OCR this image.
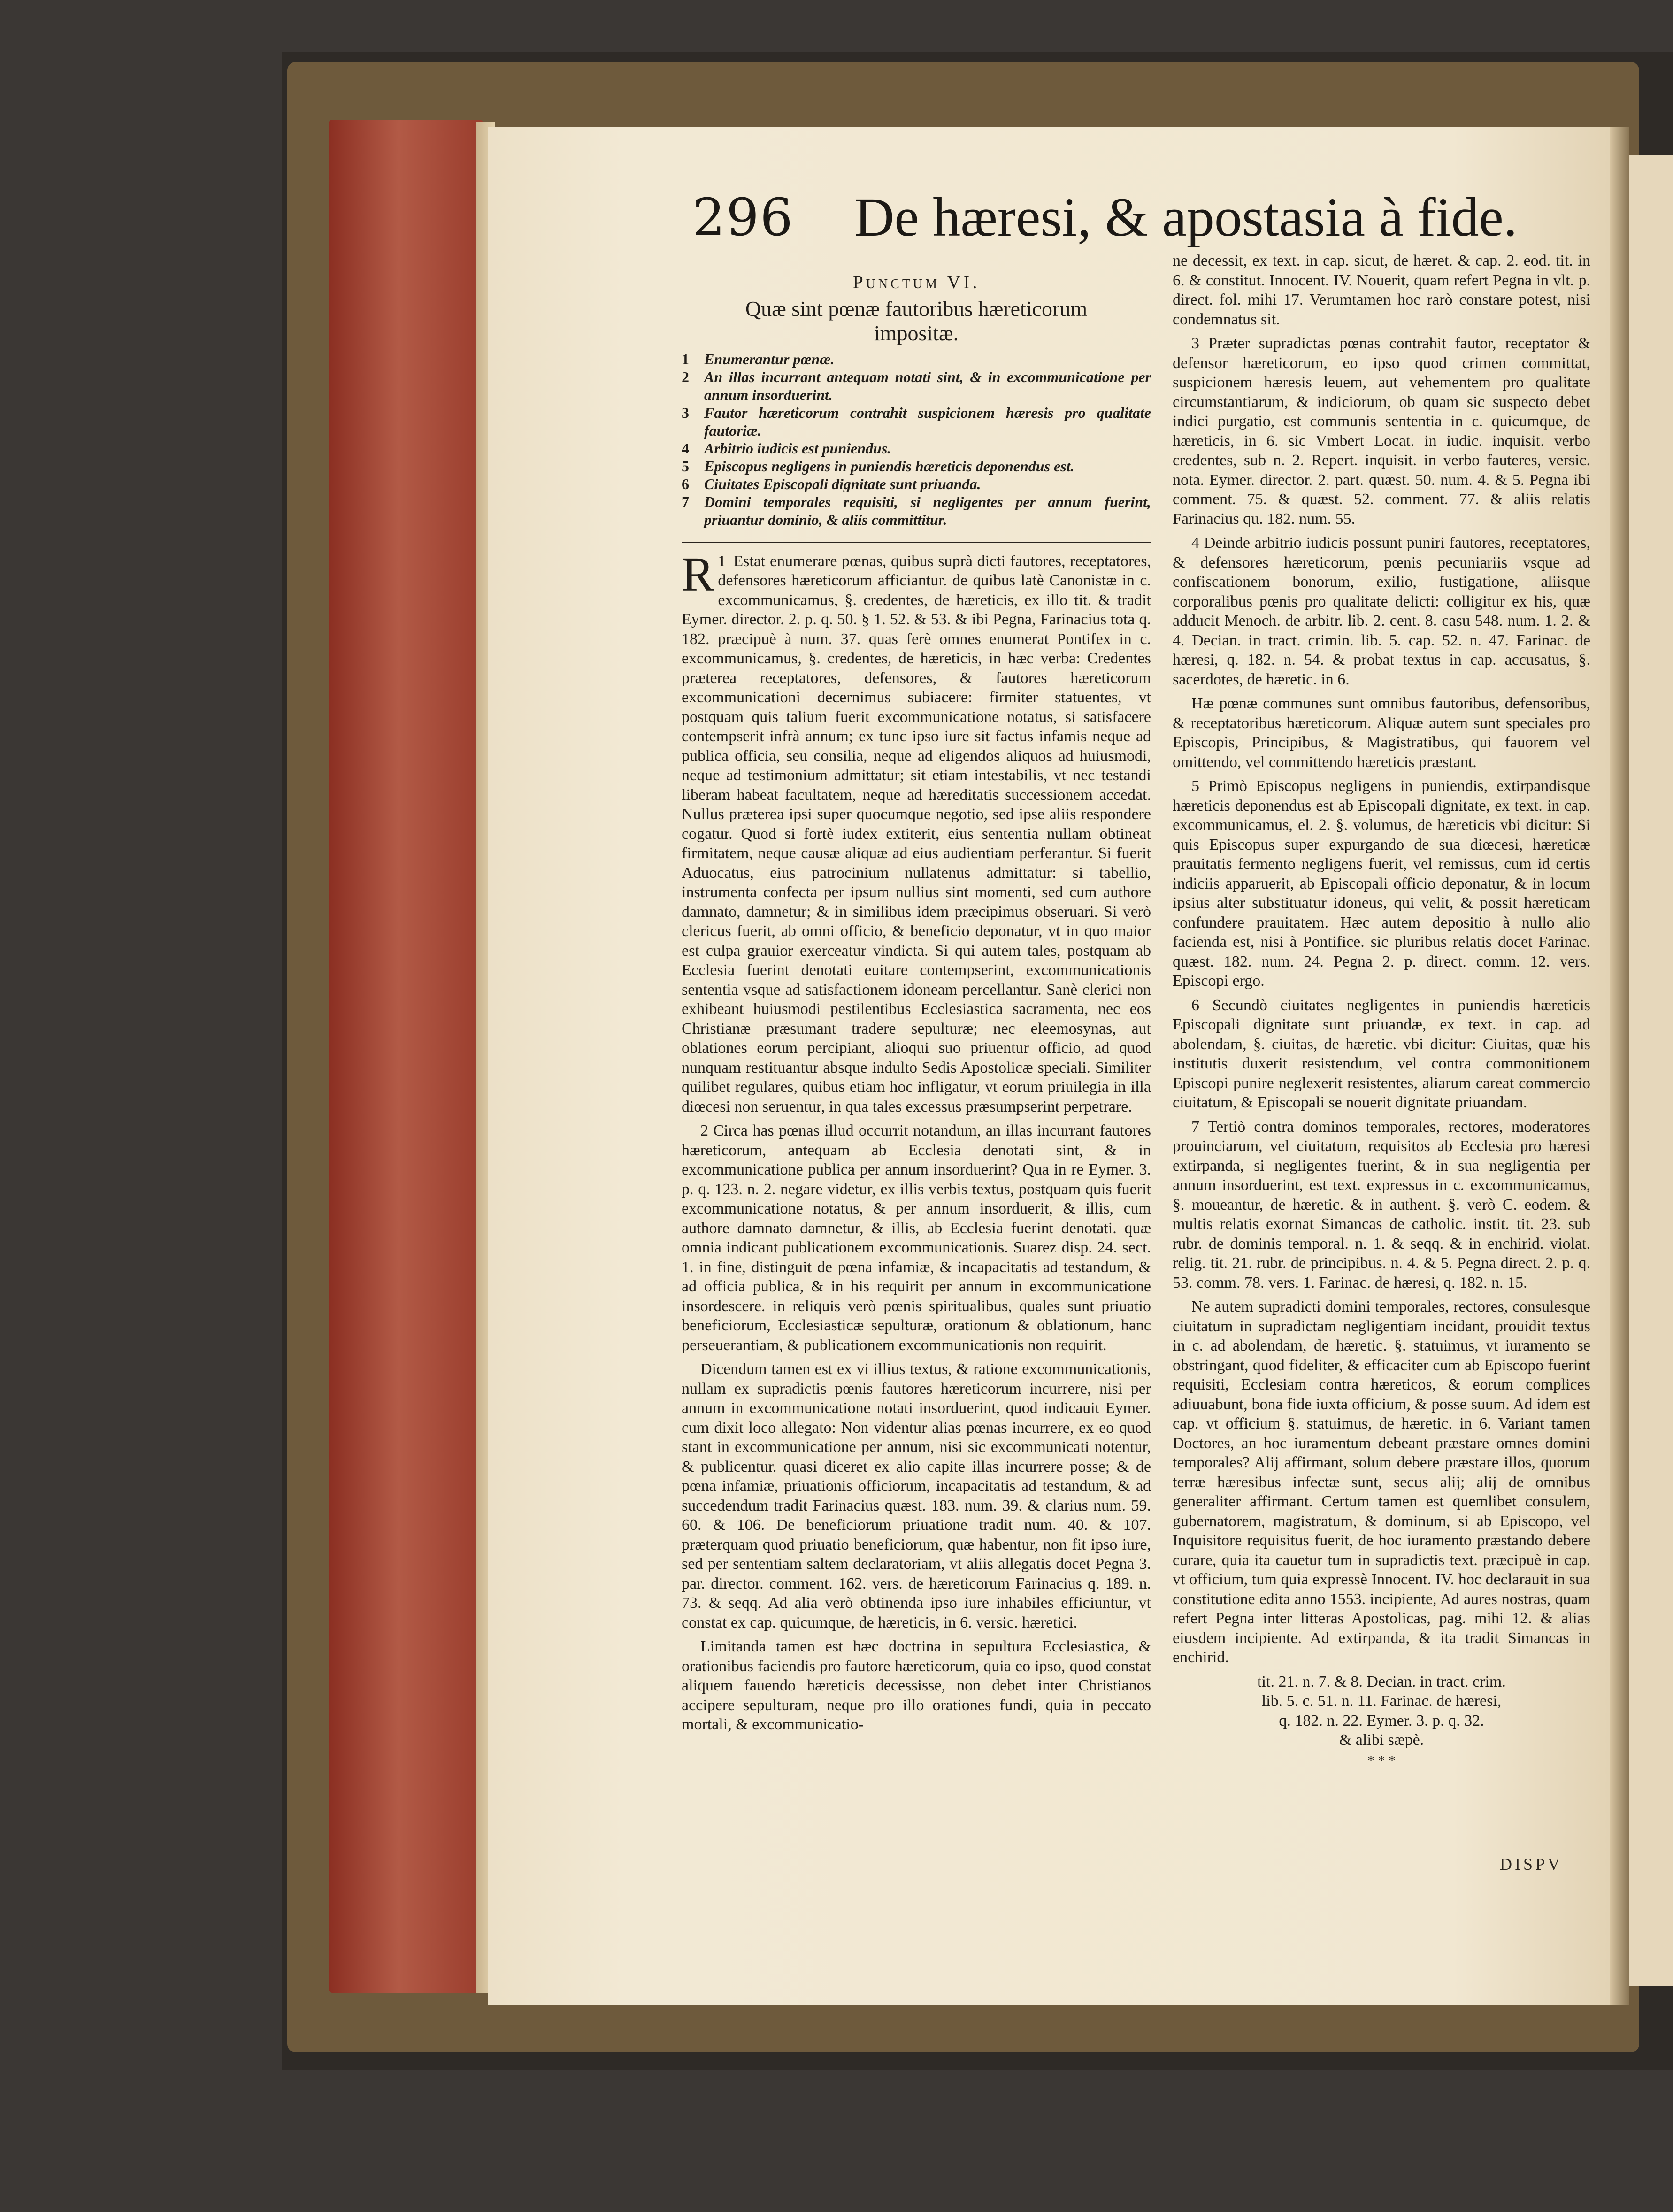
296 De hæresi, & apostasia à fide.

Punctum VI.

Quæ sint pœnæ fautoribus hæreticorum impositæ.

1 Enumerantur pœnæ.
2 An illas incurrant antequam notati sint, & in excommunicatione per annum insorduerint.
3 Fautor hæreticorum contrahit suspicionem hæresis pro qualitate fautoriæ.
4 Arbitrio iudicis est puniendus.
5 Episcopus negligens in puniendis hæreticis deponendus est.
6 Ciuitates Episcopali dignitate sunt priuanda.
7 Domini temporales requisiti, si negligentes per annum fuerint, priuantur dominio, & aliis committitur.

1
R Estat enumerare pœnas, quibus suprà dicti fautores, receptatores, defensores hæreticorum afficiantur. de quibus latè Canonistæ in c. excommunicamus, §. credentes, de hæreticis, ex illo tit. & tradit Eymer. director. 2. p. q. 50. § 1. 52. & 53. & ibi Pegna, Farinacius tota q. 182. præcipuè à num. 37. quas ferè omnes enumerat Pontifex in c. excommunicamus, §. credentes, de hæreticis, in hæc verba: Credentes præterea receptatores, defensores, & fautores hæreticorum excommunicationi decernimus subiacere: firmiter statuentes, vt postquam quis talium fuerit excommunicatione notatus, si satisfacere contempserit infrà annum; ex tunc ipso iure sit factus infamis neque ad publica officia, seu consilia, neque ad eligendos aliquos ad huiusmodi, neque ad testimonium admittatur; sit etiam intestabilis, vt nec testandi liberam habeat facultatem, neque ad hæreditatis successionem accedat. Nullus præterea ipsi super quocumque negotio, sed ipse aliis respondere cogatur. Quod si fortè iudex extiterit, eius sententia nullam obtineat firmitatem, neque causæ aliquæ ad eius audientiam perferantur. Si fuerit Aduocatus, eius patrocinium nullatenus admittatur: si tabellio, instrumenta confecta per ipsum nullius sint momenti, sed cum authore damnato, damnetur; & in similibus idem præcipimus obseruari. Si verò clericus fuerit, ab omni officio, & beneficio deponatur, vt in quo maior est culpa grauior exerceatur vindicta. Si qui autem tales, postquam ab Ecclesia fuerint denotati euitare contempserint, excommunicationis sententia vsque ad satisfactionem idoneam percellantur. Sanè clerici non exhibeant huiusmodi pestilentibus Ecclesiastica sacramenta, nec eos Christianæ præsumant tradere sepulturæ; nec eleemosynas, aut oblationes eorum percipiant, alioqui suo priuentur officio, ad quod nunquam restituantur absque indulto Sedis Apostolicæ speciali. Similiter quilibet regulares, quibus etiam hoc infligatur, vt eorum priuilegia in illa diœcesi non seruentur, in qua tales excessus præsumpserint perpetrare.

2 Circa has pœnas illud occurrit notandum, an illas incurrant fautores hæreticorum, antequam ab Ecclesia denotati sint, & in excommunicatione publica per annum insorduerint? Qua in re Eymer. 3. p. q. 123. n. 2. negare videtur, ex illis verbis textus, postquam quis fuerit excommunicatione notatus, & per annum insorduerit, & illis, cum authore damnato damnetur, & illis, ab Ecclesia fuerint denotati. quæ omnia indicant publicationem excommunicationis. Suarez disp. 24. sect. 1. in fine, distinguit de pœna infamiæ, & incapacitatis ad testandum, & ad officia publica, & in his requirit per annum in excommunicatione insordescere. in reliquis verò pœnis spiritualibus, quales sunt priuatio beneficiorum, Ecclesiasticæ sepulturæ, orationum & oblationum, hanc perseuerantiam, & publicationem excommunicationis non requirit.

Dicendum tamen est ex vi illius textus, & ratione excommunicationis, nullam ex supradictis pœnis fautores hæreticorum incurrere, nisi per annum in excommunicatione notati insorduerint, quod indicauit Eymer. cum dixit loco allegato: Non videntur alias pœnas incurrere, ex eo quod stant in excommunicatione per annum, nisi sic excommunicati notentur, & publicentur. quasi diceret ex alio capite illas incurrere posse; & de pœna infamiæ, priuationis officiorum, incapacitatis ad testandum, & ad succedendum tradit Farinacius quæst. 183. num. 39. & clarius num. 59. 60. & 106. De beneficiorum priuatione tradit num. 40. & 107. præterquam quod priuatio beneficiorum, quæ habentur, non fit ipso iure, sed per sententiam saltem declaratoriam, vt aliis allegatis docet Pegna 3. par. director. comment. 162. vers. de hæreticorum Farinacius q. 189. n. 73. & seqq. Ad alia verò obtinenda ipso iure inhabiles efficiuntur, vt constat ex cap. quicumque, de hæreticis, in 6. versic. hæretici.

Limitanda tamen est hæc doctrina in sepultura Ecclesiastica, & orationibus faciendis pro fautore hæreticorum, quia eo ipso, quod constat aliquem fauendo hæreticis decessisse, non debet inter Christianos accipere sepulturam, neque pro illo orationes fundi, quia in peccato mortali, & excommunicatio-

ne decessit, ex text. in cap. sicut, de hæret. & cap. 2. eod. tit. in 6. & constitut. Innocent. IV. Nouerit, quam refert Pegna in vlt. p. direct. fol. mihi 17. Verumtamen hoc rarò constare potest, nisi condemnatus sit.

3 Præter supradictas pœnas contrahit fautor, receptator & defensor hæreticorum, eo ipso quod crimen committat, suspicionem hæresis leuem, aut vehementem pro qualitate circumstantiarum, & indiciorum, ob quam sic suspecto debet indici purgatio, est communis sententia in c. quicumque, de hæreticis, in 6. sic Vmbert Locat. in iudic. inquisit. verbo credentes, sub n. 2. Repert. inquisit. in verbo fauteres, versic. nota. Eymer. director. 2. part. quæst. 50. num. 4. & 5. Pegna ibi comment. 75. & quæst. 52. comment. 77. & aliis relatis Farinacius qu. 182. num. 55.

4 Deinde arbitrio iudicis possunt puniri fautores, receptatores, & defensores hæreticorum, pœnis pecuniariis vsque ad confiscationem bonorum, exilio, fustigatione, aliisque corporalibus pœnis pro qualitate delicti: colligitur ex his, quæ adducit Menoch. de arbitr. lib. 2. cent. 8. casu 548. num. 1. 2. & 4. Decian. in tract. crimin. lib. 5. cap. 52. n. 47. Farinac. de hæresi, q. 182. n. 54. & probat textus in cap. accusatus, §. sacerdotes, de hæretic. in 6.

Hæ pœnæ communes sunt omnibus fautoribus, defensoribus, & receptatoribus hæreticorum. Aliquæ autem sunt speciales pro Episcopis, Principibus, & Magistratibus, qui fauorem vel omittendo, vel committendo hæreticis præstant.

5 Primò Episcopus negligens in puniendis, extirpandisque hæreticis deponendus est ab Episcopali dignitate, ex text. in cap. excommunicamus, el. 2. §. volumus, de hæreticis vbi dicitur: Si quis Episcopus super expurgando de sua diœcesi, hæreticæ prauitatis fermento negligens fuerit, vel remissus, cum id certis indiciis apparuerit, ab Episcopali officio deponatur, & in locum ipsius alter substituatur idoneus, qui velit, & possit hæreticam confundere prauitatem. Hæc autem depositio à nullo alio facienda est, nisi à Pontifice. sic pluribus relatis docet Farinac. quæst. 182. num. 24. Pegna 2. p. direct. comm. 12. vers. Episcopi ergo.

6 Secundò ciuitates negligentes in puniendis hæreticis Episcopali dignitate sunt priuandæ, ex text. in cap. ad abolendam, §. ciuitas, de hæretic. vbi dicitur: Ciuitas, quæ his institutis duxerit resistendum, vel contra commonitionem Episcopi punire neglexerit resistentes, aliarum careat commercio ciuitatum, & Episcopali se nouerit dignitate priuandam.

7 Tertiò contra dominos temporales, rectores, moderatores prouinciarum, vel ciuitatum, requisitos ab Ecclesia pro hæresi extirpanda, si negligentes fuerint, & in sua negligentia per annum insorduerint, est text. expressus in c. excommunicamus, §. moueantur, de hæretic. & in authent. §. verò C. eodem. & multis relatis exornat Simancas de catholic. instit. tit. 23. sub rubr. de dominis temporal. n. 1. & seqq. & in enchirid. violat. relig. tit. 21. rubr. de principibus. n. 4. & 5. Pegna direct. 2. p. q. 53. comm. 78. vers. 1. Farinac. de hæresi, q. 182. n. 15.

Ne autem supradicti domini temporales, rectores, consulesque ciuitatum in supradictam negligentiam incidant, prouidit textus in c. ad abolendam, de hæretic. §. statuimus, vt iuramento se obstringant, quod fideliter, & efficaciter cum ab Episcopo fuerint requisiti, Ecclesiam contra hæreticos, & eorum complices adiuuabunt, bona fide iuxta officium, & posse suum. Ad idem est cap. vt officium §. statuimus, de hæretic. in 6. Variant tamen Doctores, an hoc iuramentum debeant præstare omnes domini temporales? Alij affirmant, solum debere præstare illos, quorum terræ hæresibus infectæ sunt, secus alij; alij de omnibus generaliter affirmant. Certum tamen est quemlibet consulem, gubernatorem, magistratum, & dominum, si ab Episcopo, vel Inquisitore requisitus fuerit, de hoc iuramento præstando debere curare, quia ita cauetur tum in supradictis text. præcipuè in cap. vt officium, tum quia expressè Innocent. IV. hoc declarauit in sua constitutione edita anno 1553. incipiente, Ad aures nostras, quam refert Pegna inter litteras Apostolicas, pag. mihi 12. & alias eiusdem incipiente. Ad extirpanda, & ita tradit Simancas in enchirid.

tit. 21. n. 7. & 8. Decian. in tract. crim.

lib. 5. c. 51. n. 11. Farinac. de hæresi,

q. 182. n. 22. Eymer. 3. p. q. 32.

& alibi sæpè.

* * *
DISPV
